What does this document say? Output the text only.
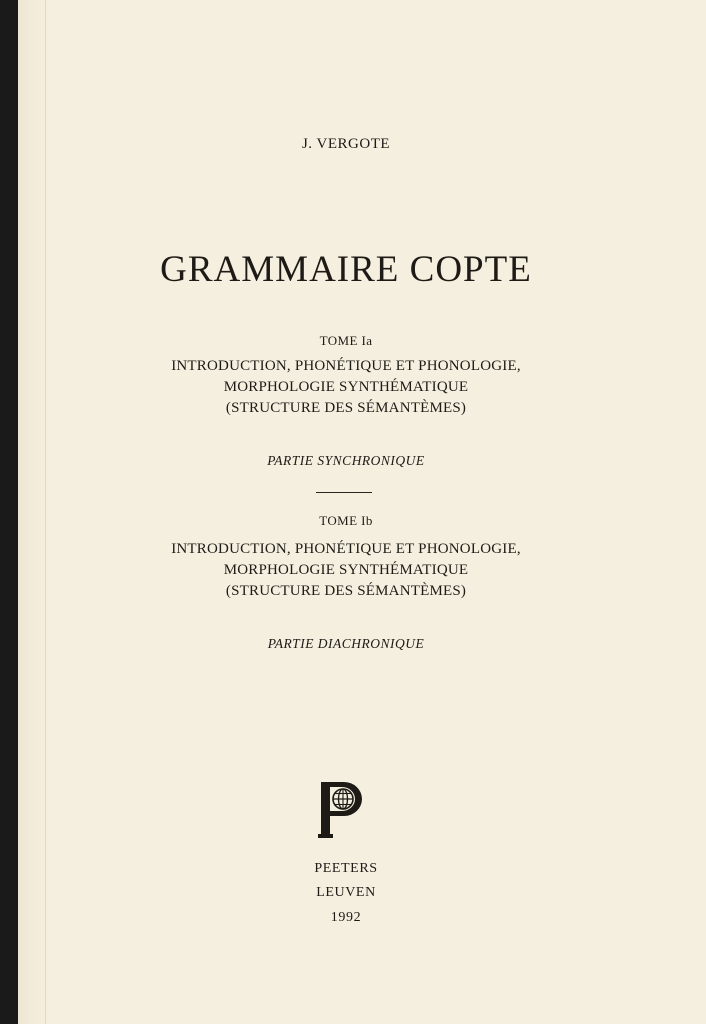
J. VERGOTE
GRAMMAIRE COPTE
TOME Ia
INTRODUCTION, PHONÉTIQUE ET PHONOLOGIE,
MORPHOLOGIE SYNTHÉMATIQUE
(STRUCTURE DES SÉMANTÈMES)
PARTIE SYNCHRONIQUE
TOME Ib
INTRODUCTION, PHONÉTIQUE ET PHONOLOGIE,
MORPHOLOGIE SYNTHÉMATIQUE
(STRUCTURE DES SÉMANTÈMES)
PARTIE DIACHRONIQUE
PEETERS
LEUVEN
1992
